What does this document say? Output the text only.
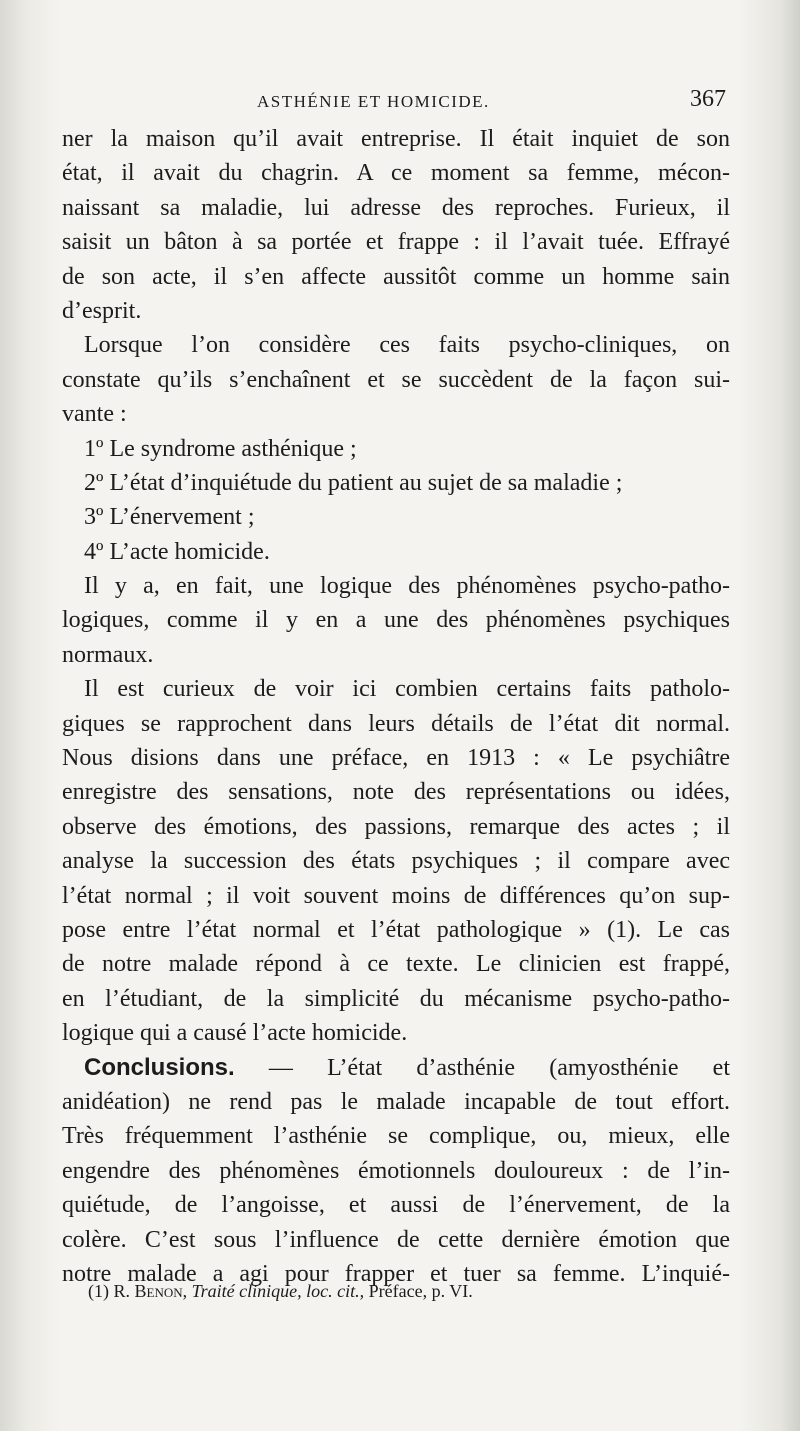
ASTHÉNIE ET HOMICIDE.	367
ner la maison qu’il avait entreprise. Il était inquiet de son
état, il avait du chagrin. A ce moment sa femme, mécon-
naissant sa maladie, lui adresse des reproches. Furieux, il
saisit un bâton à sa portée et frappe : il l’avait tuée. Effrayé
de son acte, il s’en affecte aussitôt comme un homme sain
d’esprit.
Lorsque l’on considère ces faits psycho-cliniques, on
constate qu’ils s’enchaînent et se succèdent de la façon sui-
vante :
1º Le syndrome asthénique ;
2º L’état d’inquiétude du patient au sujet de sa maladie ;
3º L’énervement ;
4º L’acte homicide.
Il y a, en fait, une logique des phénomènes psycho-patho-
logiques, comme il y en a une des phénomènes psychiques
normaux.
Il est curieux de voir ici combien certains faits patholo-
giques se rapprochent dans leurs détails de l’état dit normal.
Nous disions dans une préface, en 1913 : « Le psychiâtre
enregistre des sensations, note des représentations ou idées,
observe des émotions, des passions, remarque des actes ; il
analyse la succession des états psychiques ; il compare avec
l’état normal ; il voit souvent moins de différences qu’on sup-
pose entre l’état normal et l’état pathologique » (1). Le cas
de notre malade répond à ce texte. Le clinicien est frappé,
en l’étudiant, de la simplicité du mécanisme psycho-patho-
logique qui a causé l’acte homicide.
Conclusions. — L’état d’asthénie (amyosthénie et
anidéation) ne rend pas le malade incapable de tout effort.
Très fréquemment l’asthénie se complique, ou, mieux, elle
engendre des phénomènes émotionnels douloureux : de l’in-
quiétude, de l’angoisse, et aussi de l’énervement, de la
colère. C’est sous l’influence de cette dernière émotion que
notre malade a agi pour frapper et tuer sa femme. L’inquié-
(1) R. Benon, Traité clinique, loc. cit., Préface, p. VI.
